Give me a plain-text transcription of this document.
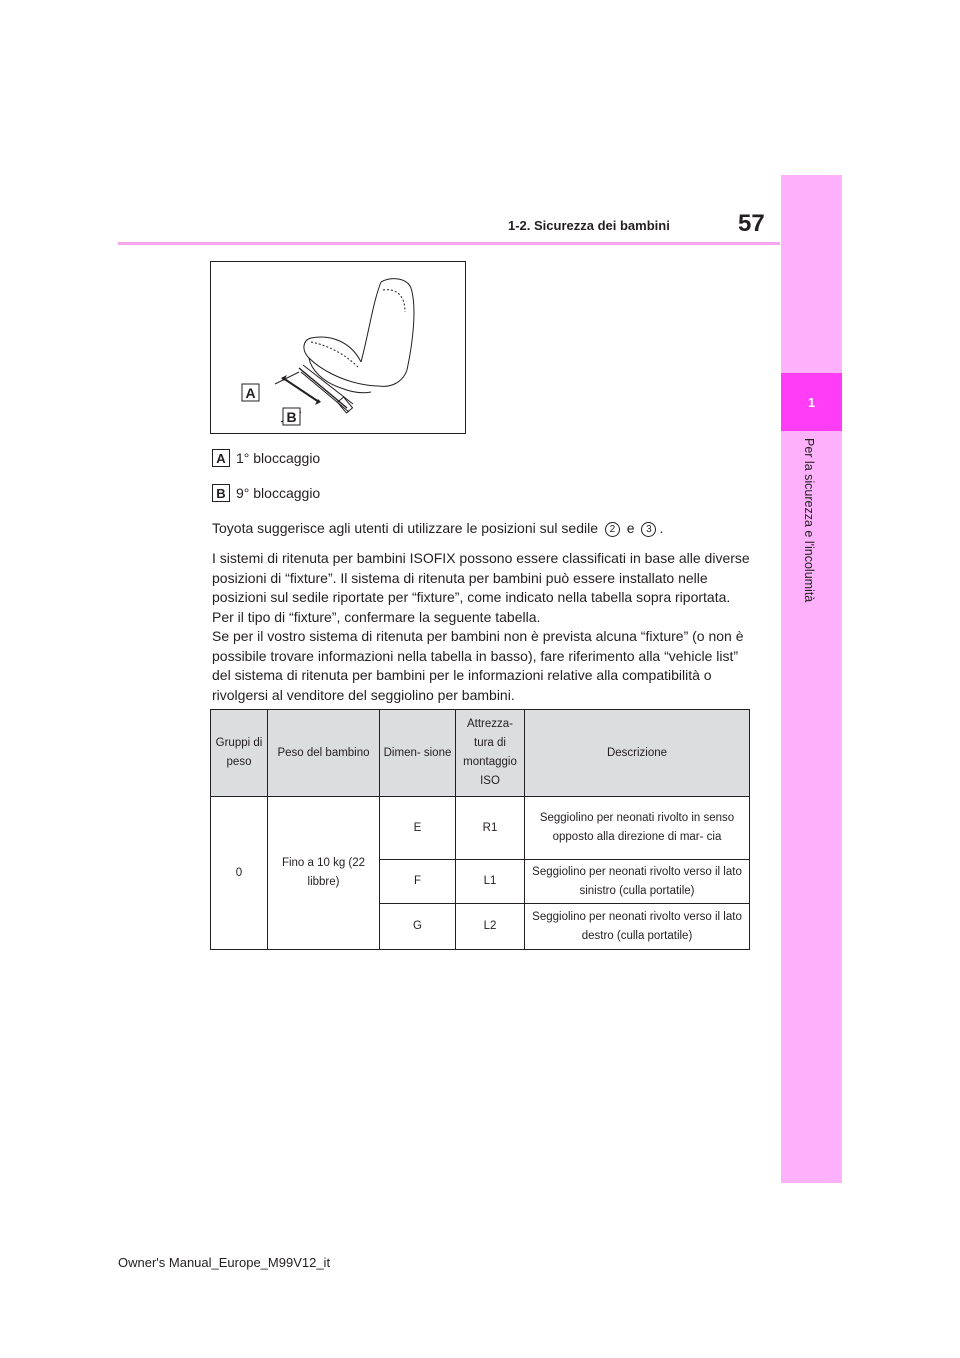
57
1-2. Sicurezza dei bambini
1
Per la sicurezza e l'incolumità
A
B
A 1° bloccaggio
B 9° bloccaggio
Toyota suggerisce agli utenti di utilizzare le posizioni sul sedile 2 e 3 .
I sistemi di ritenuta per bambini ISOFIX possono essere classificati in base alle diverse posizioni di “fixture”. Il sistema di ritenuta per bambini può essere installato nelle posizioni sul sedile riportate per “fixture”, come indicato nella tabella sopra riportata. Per il tipo di “fixture”, confermare la seguente tabella.
Se per il vostro sistema di ritenuta per bambini non è prevista alcuna “fixture” (o non è possibile trovare informazioni nella tabella in basso), fare riferimento alla “vehicle list” del sistema di ritenuta per bambini per le informazioni relative alla compatibilità o rivolgersi al venditore del seggiolino per bambini.
Gruppi di peso	Peso del bambino	Dimen- sione	Attrezza- tura di montaggio ISO	Descrizione
0	Fino a 10 kg (22 libbre)	E	R1	Seggiolino per neonati rivolto in senso opposto alla direzione di mar- cia
		F	L1	Seggiolino per neonati rivolto verso il lato sinistro (culla portatile)
		G	L2	Seggiolino per neonati rivolto verso il lato destro (culla portatile)
Owner's Manual_Europe_M99V12_it
